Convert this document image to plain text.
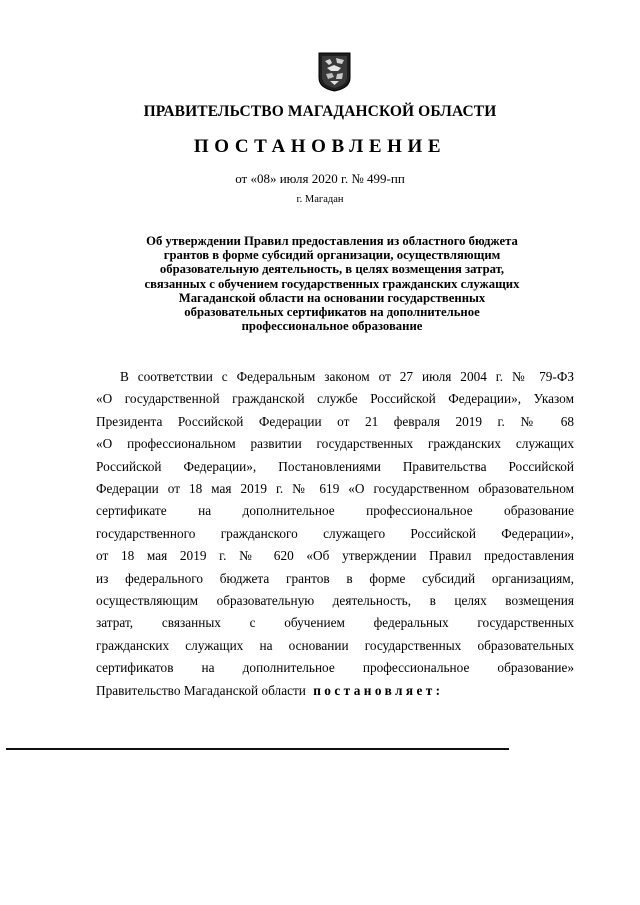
ПРАВИТЕЛЬСТВО МАГАДАНСКОЙ ОБЛАСТИ
ПОСТАНОВЛЕНИЕ
от «08» июля 2020 г. № 499-пп
г. Магадан
Об утверждении Правил предоставления из областного бюджета
грантов в форме субсидий организации, осуществляющим
образовательную деятельность, в целях возмещения затрат,
связанных с обучением государственных гражданских служащих
Магаданской области на основании государственных
образовательных сертификатов на дополнительное
профессиональное образование
В соответствии с Федеральным законом от 27 июля 2004 г. № 79-ФЗ
«О государственной гражданской службе Российской Федерации», Указом
Президента Российской Федерации от 21 февраля 2019 г. № 68
«О профессиональном развитии государственных гражданских служащих
Российской Федерации», Постановлениями Правительства Российской
Федерации от 18 мая 2019 г. № 619 «О государственном образовательном
сертификате на дополнительное профессиональное образование
государственного гражданского служащего Российской Федерации»,
от 18 мая 2019 г. № 620 «Об утверждении Правил предоставления
из федерального бюджета грантов в форме субсидий организациям,
осуществляющим образовательную деятельность, в целях возмещения
затрат, связанных с обучением федеральных государственных
гражданских служащих на основании государственных образовательных
сертификатов на дополнительное профессиональное образование»
Правительство Магаданской области постановляет:
